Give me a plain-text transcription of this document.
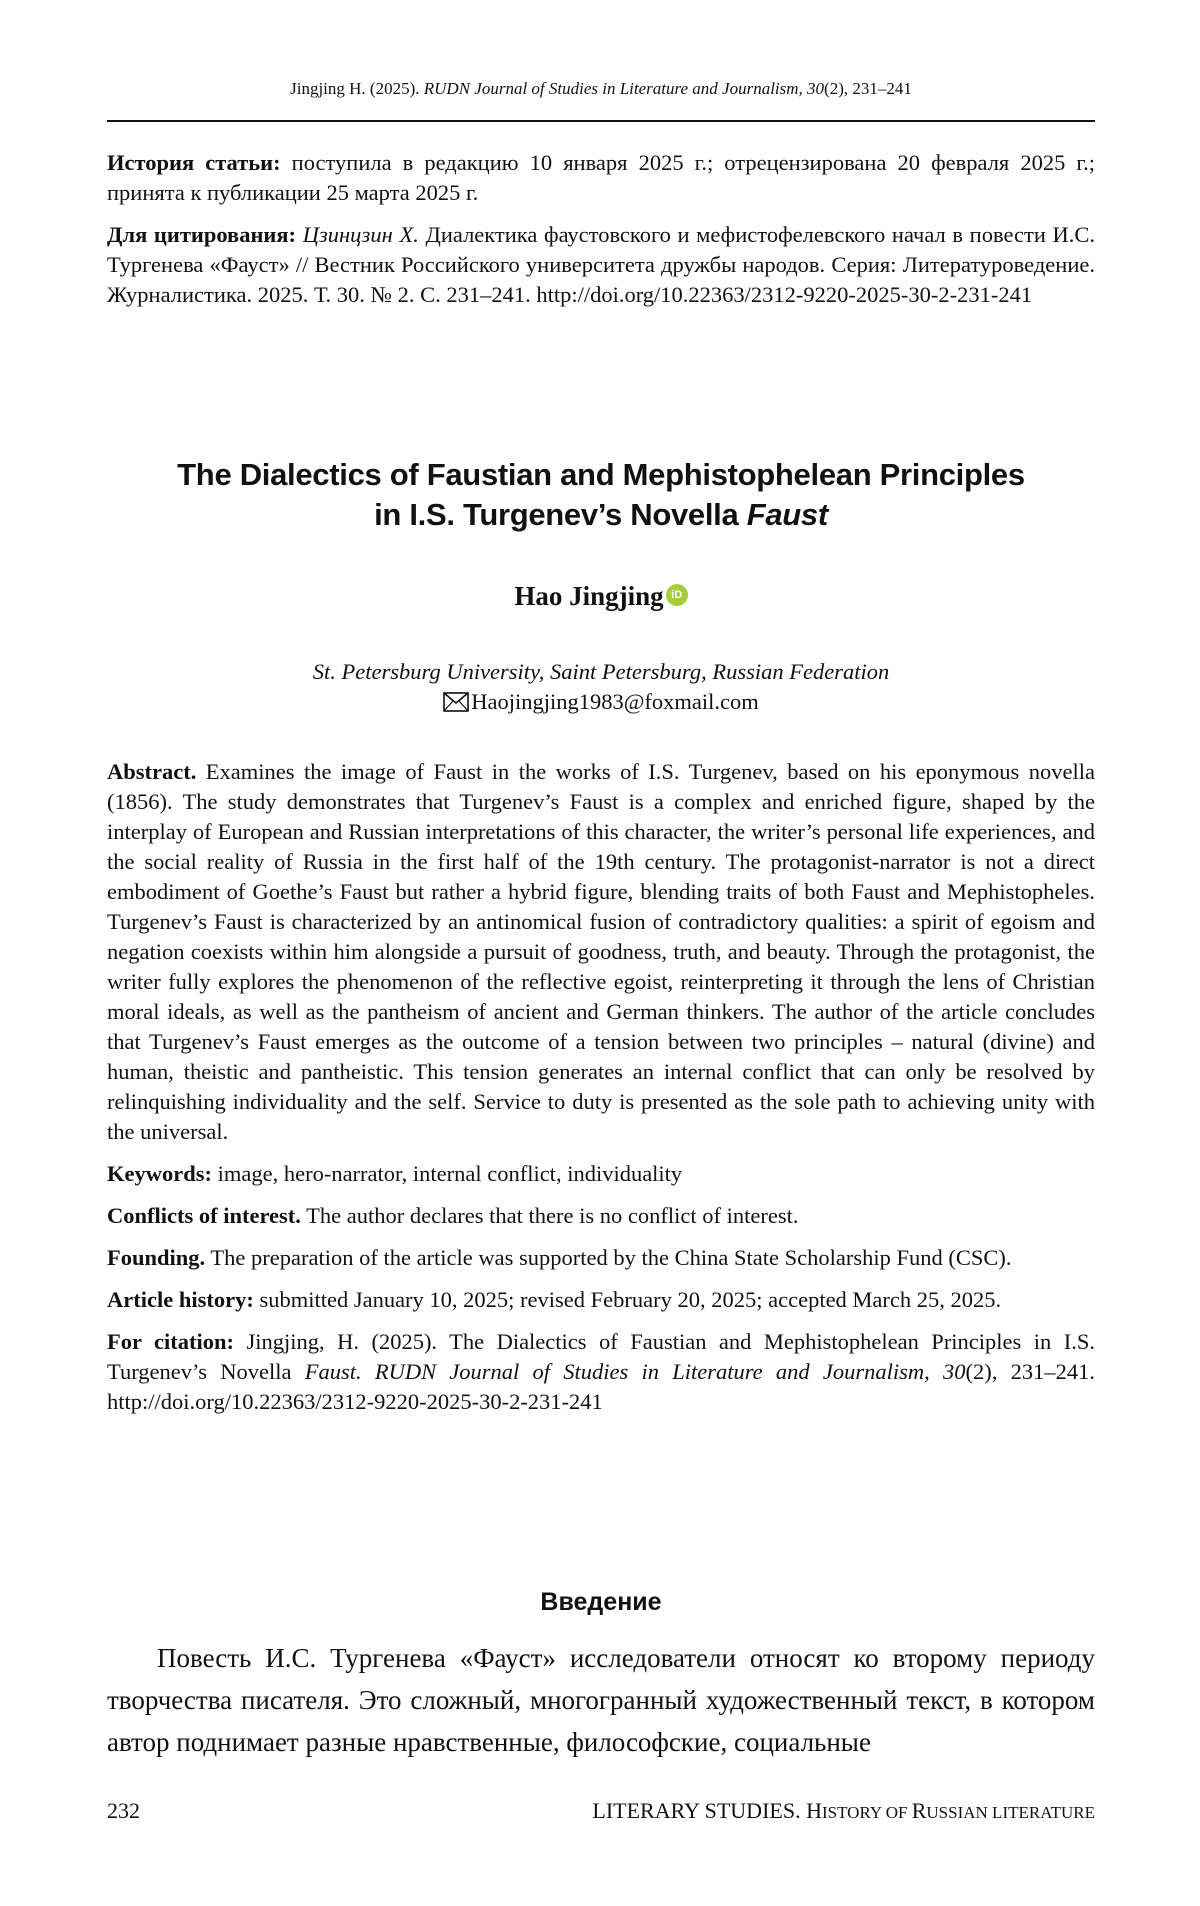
Jingjing H. (2025). RUDN Journal of Studies in Literature and Journalism, 30(2), 231–241

История статьи: поступила в редакцию 10 января 2025 г.; отрецензирована 20 февраля 2025 г.; принята к публикации 25 марта 2025 г.

Для цитирования: Цзинцзин Х. Диалектика фаустовского и мефистофелевского начал в повести И.С. Тургенева «Фауст» // Вестник Российского университета дружбы народов. Серия: Литературоведение. Журналистика. 2025. Т. 30. № 2. С. 231–241. http://doi.org/10.22363/2312-9220-2025-30-2-231-241

The Dialectics of Faustian and Mephistophelean Principles
in I.S. Turgenev’s Novella Faust
Hao Jingjing iD
St. Petersburg University, Saint Petersburg, Russian Federation
Haojingjing1983@foxmail.com

Abstract. Examines the image of Faust in the works of I.S. Turgenev, based on his eponymous novella (1856). The study demonstrates that Turgenev’s Faust is a complex and enriched figure, shaped by the interplay of European and Russian interpretations of this character, the writer’s personal life experiences, and the social reality of Russia in the first half of the 19th century. The protagonist-narrator is not a direct embodiment of Goethe’s Faust but rather a hybrid figure, blending traits of both Faust and Mephistopheles. Turgenev’s Faust is characterized by an antinomical fusion of contradictory qualities: a spirit of egoism and negation coexists within him alongside a pursuit of goodness, truth, and beauty. Through the protagonist, the writer fully explores the phenomenon of the reflective egoist, reinterpreting it through the lens of Christian moral ideals, as well as the pantheism of ancient and German thinkers. The author of the article concludes that Turgenev’s Faust emerges as the outcome of a tension between two principles – natural (divine) and human, theistic and pantheistic. This tension generates an internal conflict that can only be resolved by relinquishing individuality and the self. Service to duty is presented as the sole path to achieving unity with the universal.

Keywords: image, hero-narrator, internal conflict, individuality

Conflicts of interest. The author declares that there is no conflict of interest.

Founding. The preparation of the article was supported by the China State Scholarship Fund (CSC).

Article history: submitted January 10, 2025; revised February 20, 2025; accepted March 25, 2025.

For citation: Jingjing, H. (2025). The Dialectics of Faustian and Mephistophelean Principles in I.S. Turgenev’s Novella Faust. RUDN Journal of Studies in Literature and Journalism, 30(2), 231–241. http://doi.org/10.22363/2312-9220-2025-30-2-231-241

Введение

Повесть И.С. Тургенева «Фауст» исследователи относят ко второму периоду творчества писателя. Это сложный, многогранный художественный текст, в котором автор поднимает разные нравственные, философские, социальные

232	LITERARY STUDIES. HISTORY OF RUSSIAN LITERATURE
